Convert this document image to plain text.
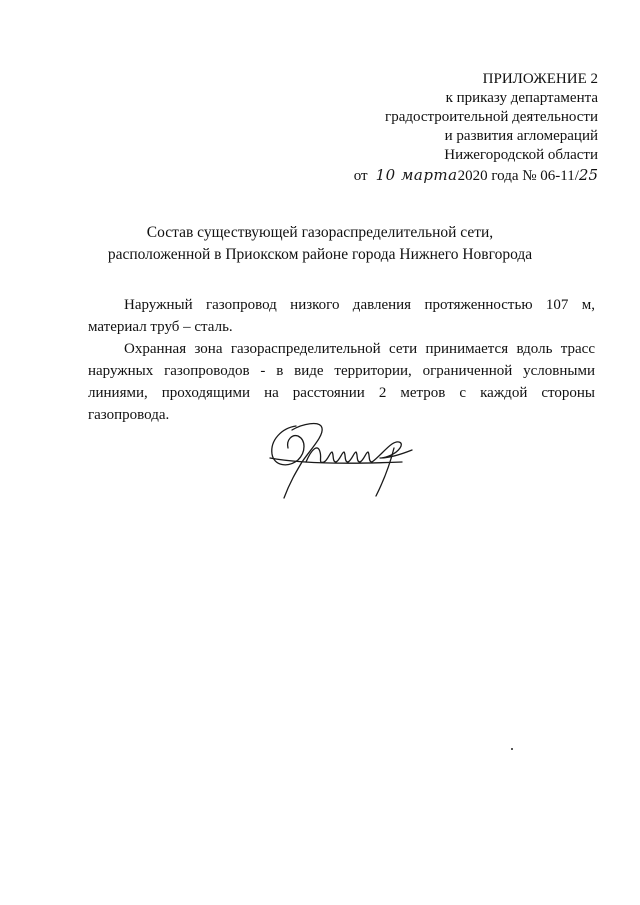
ПРИЛОЖЕНИЕ 2
к приказу департамента
градостроительной деятельности
и развития агломераций
Нижегородской области
от 10 марта2020 года № 06-11/25
Состав существующей газораспределительной сети,
расположенной в Приокском районе города Нижнего Новгорода

Наружный газопровод низкого давления протяженностью 107 м, материал труб – сталь.

Охранная зона газораспределительной сети принимается вдоль трасс наружных газопроводов - в виде территории, ограниченной условными линиями, проходящими на расстоянии 2 метров с каждой стороны газопровода.
